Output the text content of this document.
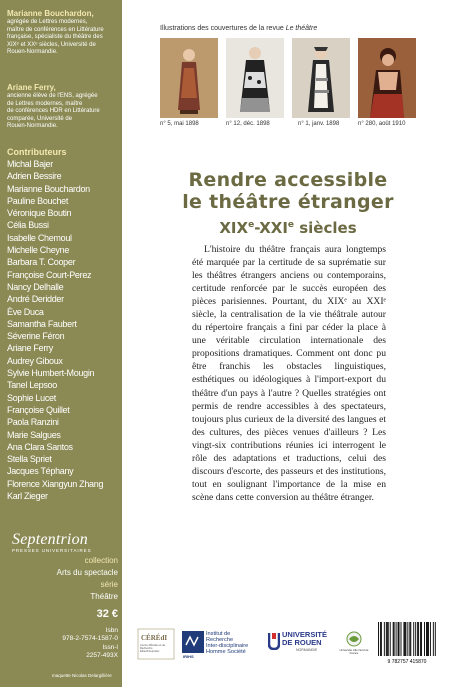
Marianne Bouchardon,
agrégée de Lettres modernes,
maître de conférences en Littérature
française, spécialiste du théâtre des
XIXᵉ et XXᵉ siècles, Université de
Rouen-Normandie.
Ariane Ferry,
ancienne élève de l'ENS, agrégée
de Lettres modernes, maître
de conférences HDR en Littérature
comparée, Université de
Rouen-Normandie.
Contributeurs
Michal Bajer
Adrien Bessire
Marianne Bouchardon
Pauline Bouchet
Véronique Boutin
Célia Bussi
Isabelle Chemoul
Michelle Cheyne
Barbara T. Cooper
Françoise Court-Perez
Nancy Delhalle
André Deridder
Ève Duca
Samantha Faubert
Séverine Féron
Ariane Ferry
Audrey Giboux
Sylvie Humbert-Mougin
Tanel Lepsoo
Sophie Lucet
Françoise Quillet
Paola Ranzini
Marie Salgues
Ana Clara Santos
Stella Spriet
Jacques Téphany
Florence Xiangyun Zhang
Karl Zieger
Septentrion
PRESSES UNIVERSITAIRES
collection
Arts du spectacle
série
Théâtre
32 €
Isbn
978-2-7574-1587-0
Issn-l
2257-493X
maquette Nicolas Delargillière
Illustrations des couvertures de la revue Le théâtre
n° 5, mai 1898	n° 12, déc. 1898	n° 1, janv. 1898	n° 280, août 1910
Rendre accessible
le théâtre étranger
XIXe-XXIe siècles
L'histoire du théâtre français aura longtemps été marquée par la certitude de sa suprématie sur les théâtres étrangers anciens ou contemporains, certitude renforcée par le succès européen des pièces parisiennes. Pourtant, du XIXᵉ au XXIᵉ siècle, la centralisation de la vie théâtrale autour du répertoire français a fini par céder la place à une véritable circulation internationale des propositions dramatiques. Comment ont donc pu être franchis les obstacles linguistiques, esthétiques ou idéologiques à l'import-export du théâtre d'un pays à l'autre ? Quelles stratégies ont permis de rendre accessibles à des spectateurs, toujours plus curieux de la diversité des langues et des cultures, des pièces venues d'ailleurs ? Les vingt-six contributions réunies ici interrogent le rôle des adaptations et traductions, celui des discours d'escorte, des passeurs et des institutions, tout en soulignant l'importance de la mise en scène dans cette conversion au théâtre étranger.
CÉRÉdI
Centre d'Études et de Recherche Éditer/Interpréter
IRIHS
Institut de Recherche
Inter-disciplinaire
Homme Société
UNIVERSITÉ
DE ROUEN
NORMANDIE	Université Lille Nord de France
9 782757 415870
